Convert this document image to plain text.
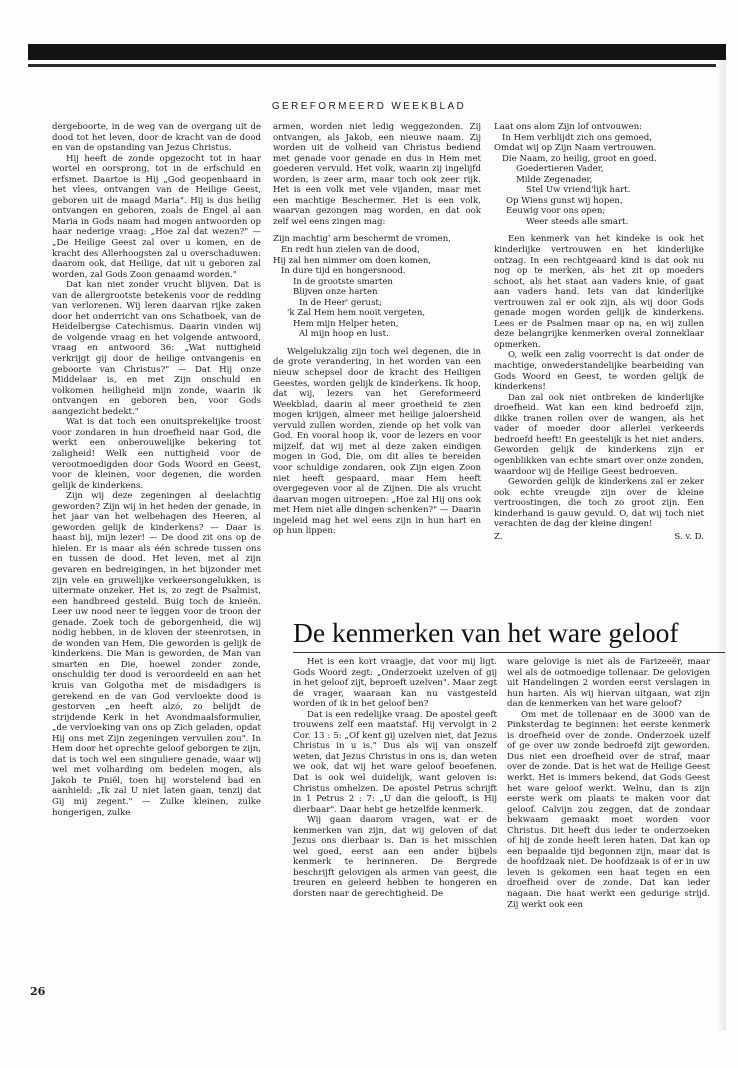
GEREFORMEERD WEEKBLAD

dergeboorte, in de weg van de overgang uit de dood tot het leven, door de kracht van de dood en van de opstanding van Jezus Christus.

Hij heeft de zonde opgezocht tot in haar wortel en oorsprong, tot in de erfschuld en erfsmet. Daartoe is Hij „God geopenbaard in het vlees, ontvangen van de Heilige Geest, geboren uit de maagd Maria". Hij is dus heilig ontvangen en geboren, zoals de Engel al aan Maria in Gods naam had mogen antwoorden op haar nederige vraag: „Hoe zal dat wezen?" — „De Heilige Geest zal over u komen, en de kracht des Allerhoogsten zal u overschaduwen: daarom ook, dat Heilige, dat uit u geboren zal worden, zal Gods Zoon genaamd worden."

Dat kan niet zonder vrucht blijven. Dat is van de allergrootste betekenis voor de redding van verlorenen. Wij leren daarvan rijke zaken door het onderricht van ons Schatboek, van de Heidelbergse Catechismus. Daarin vinden wij de volgende vraag en het volgende antwoord, vraag en antwoord 36: „Wat nuttigheid verkrijgt gij door de heilige ontvangenis en geboorte van Christus?" — Dat Hij onze Middelaar is, en met Zijn onschuld en volkomen heiligheid mijn zonde, waarin ik ontvangen en geboren ben, voor Gods aangezicht bedekt."

Wat is dat toch een onuitsprekelijke troost voor zondaren in hun droefheid naar God, die werkt een onberouwelijke bekering tot zaligheid! Welk een nuttigheid voor de verootmoedigden door Gods Woord en Geest, voor de kleinen, voor degenen, die worden gelijk de kinderkens.

Zijn wij deze zegeningen al deelachtig geworden? Zijn wij in het heden der genade, in het jaar van het welbehagen des Heeren, al geworden gelijk de kinderkens? — Daar is haast bij, mijn lezer! — De dood zit ons op de hielen. Er is maar als één schrede tussen ons en tussen de dood. Het leven, met al zijn gevaren en bedreigingen, in het bijzonder met zijn vele en gruwelijke verkeersongelukken, is uitermate onzeker. Het is, zo zegt de Psalmist, een handbreed gesteld. Buig toch de knieën. Leer uw nood neer te leggen voor de troon der genade. Zoek toch de geborgenheid, die wij nodig hebben, in de kloven der steenrotsen, in de wonden van Hem, Die geworden is gelijk de kinderkens. Die Man is geworden, de Man van smarten en Die, hoewel zonder zonde, onschuldig ter dood is veroordeeld en aan het kruis van Golgotha met de misdadigers is gerekend en de van God vervloekte dood is gestorven „en heeft alzó, zo belijdt de strijdende Kerk in het Avondmaalsformulier, „de vervloeking van ons op Zich geladen, opdat Hij ons met Zijn zegeningen vervullen zou". In Hem door het oprechte geloof geborgen te zijn, dat is toch wel een singuliere genade, waar wij wel met volharding om bedelen mogen, als Jakob te Pniël, toen hij worstelend bad en aanhield: „Ik zal U niet laten gaan, tenzij dat Gij mij zegent." — Zulke kleinen, zulke hongerigen, zulke

armen, worden niet ledig weggezonden. Zij ontvangen, als Jakob, een nieuwe naam. Zij worden uit de volheid van Christus bediend met genade voor genade en dus in Hem met goederen vervuld. Het volk, waarin zij ingelijfd worden, is zeer arm, maar toch ook zeer rijk. Het is een volk met vele vijanden, maar met een machtige Beschermer. Het is een volk, waarvan gezongen mag worden, en dat ook zelf wel eens zingen mag:

Zijn machtig' arm beschermt de vromen,
En redt hun zielen van de dood,
Hij zal hen nimmer om doen komen,
In dure tijd en hongersnood.
In de grootste smarten
Blijven onze harten
In de Heer' gerust;
'k Zal Hem hem nooit vergeten,
Hem mijn Helper heten,
Al mijn hoop en lust.

Welgelukzalig zijn toch wel degenen, die in de grote verandering, in het worden van een nieuw schepsel door de kracht des Heiligen Geestes, worden gelijk de kinderkens. Ik hoop, dat wij, lezers van het Gereformeerd Weekblad, daarin al meer groetheid te zien mogen krijgen, almeer met heilige jaloersheid vervuld zullen worden, ziende op het volk van God. En vooral hoop ik, voor de lezers en voor mijzelf, dat wij met al deze zaken eindigen mogen in God, Die, om dit alles te bereiden voor schuldige zondaren, ook Zijn eigen Zoon niet heeft gespaard, maar Hem heeft overgegeven voor al de Zijnen. Die als vrucht daarvan mogen uitroepen: „Hoe zal Hij ons ook met Hem niet alle dingen schenken?" — Daarin ingeleid mag het wel eens zijn in hun hart en op hun lippen:

Laat ons alom Zijn lof ontvouwen:
In Hem verblijdt zich ons gemoed,
Omdat wij op Zijn Naam vertrouwen.
Die Naam, zo heilig, groot en goed.
Goedertieren Vader,
Milde Zegenader,
Stel Uw vriend'lijk hart.
Op Wiens gunst wij hopen,
Eeuwig voor ons open;
Weer steeds alle smart.

Een kenmerk van het kindeke is ook het kinderlijke vertrouwen en het kinderlijke ontzag. In een rechtgeaard kind is dat ook nu nog op te merken, als het zit op moeders schoot, als het staat aan vaders knie, of gaat aan vaders hand. Iets van dat kinderlijke vertrouwen zal er ook zijn, als wij door Gods genade mogen worden gelijk de kinderkens. Lees er de Psalmen maar op na, en wij zullen deze belangrijke kenmerken overal zonneklaar opmerken.

O, welk een zalig voorrecht is dat onder de machtige, onwederstandelijke bearbeiding van Gods Woord en Geest, te worden gelijk de kinderkens!

Dan zal ook niet ontbreken de kinderlijke droefheid. Wat kan een kind bedroefd zijn, dikke tranen rollen over de wangen, als het vader of moeder door allerlei verkeerds bedroefd heeft! En geestelijk is het niet anders. Geworden gelijk de kinderkens zijn er ogenblikken van echte smart over onze zonden, waardoor wij de Heilige Geest bedroeven.

Geworden gelijk de kinderkens zal er zeker ook echte vreugde zijn over de kleine vertroostingen, die toch zo groot zijn. Een kinderhand is gauw gevuld. O, dat wij toch niet verachten de dag der kleine dingen!

Z.	S. v. D.
De kenmerken van het ware geloof

Het is een kort vraagje, dat voor mij ligt. Gods Woord zegt: „Onderzoekt uzelven of gij in het geloof zijt, beproeft uzelven". Maar zegt de vrager, waaraan kan nu vastgesteld worden of ik in het geloof ben?

Dat is een redelijke vraag. De apostel geeft trouwens zelf een maatstaf. Hij vervolgt in 2 Cor. 13 : 5: „Of kent gij uzelven niet, dat Jezus Christus in u is." Dus als wij van onszelf weten, dat Jezus Christus in ons is, dan weten we ook, dat wij het ware geloof beoefenen. Dat is ook wel duidelijk, want geloven is: Christus omhelzen. De apostel Petrus schrijft in 1 Petrus 2 : 7: „U dan die gelooft, is Hij dierbaar". Daar hebt ge hetzelfde kenmerk.

Wij gaan daarom vragen, wat er de kenmerken van zijn, dat wij geloven of dat Jezus ons dierbaar is. Dan is het misschien wel goed, eerst aan een ander bijbels kenmerk te herinneren. De Bergrede beschrijft gelovigen als armen van geest, die treuren en geleerd hebben te hongeren en dorsten naar de gerechtigheid. De

ware gelovige is niet als de Farizeeër, maar wel als de ootmoedige tollenaar. De gelovigen uit Handelingen 2 worden eerst verslagen in hun harten. Als wij hiervan uitgaan, wat zijn dan de kenmerken van het ware geloof?

Om met de tollenaar en de 3000 van de Pinksterdag te beginnen: het eerste kenmerk is droefheid over de zonde. Onderzoek uzelf of ge over uw zonde bedroefd zijt geworden. Dus niet een droefheid over de straf, maar over de zonde. Dat is het wat de Heilige Geest werkt. Het is immers bekend, dat Gods Geest het ware geloof werkt. Welnu, dan is zijn eerste werk om plaats te maken voor dat geloof. Calvijn zou zeggen, dat de zondaar bekwaam gemaakt moet worden voor Christus. Dit heeft dus ieder te onderzoeken of hij de zonde heeft leren haten. Dat kan op een bepaalde tijd begonnen zijn, maar dat is de hoofdzaak niet. De hoofdzaak is of er in uw leven is gekomen een haat tegen en een droefheid over de zonde. Dat kan ieder nagaan. Die haat werkt een gedurige strijd. Zij werkt ook een

26
